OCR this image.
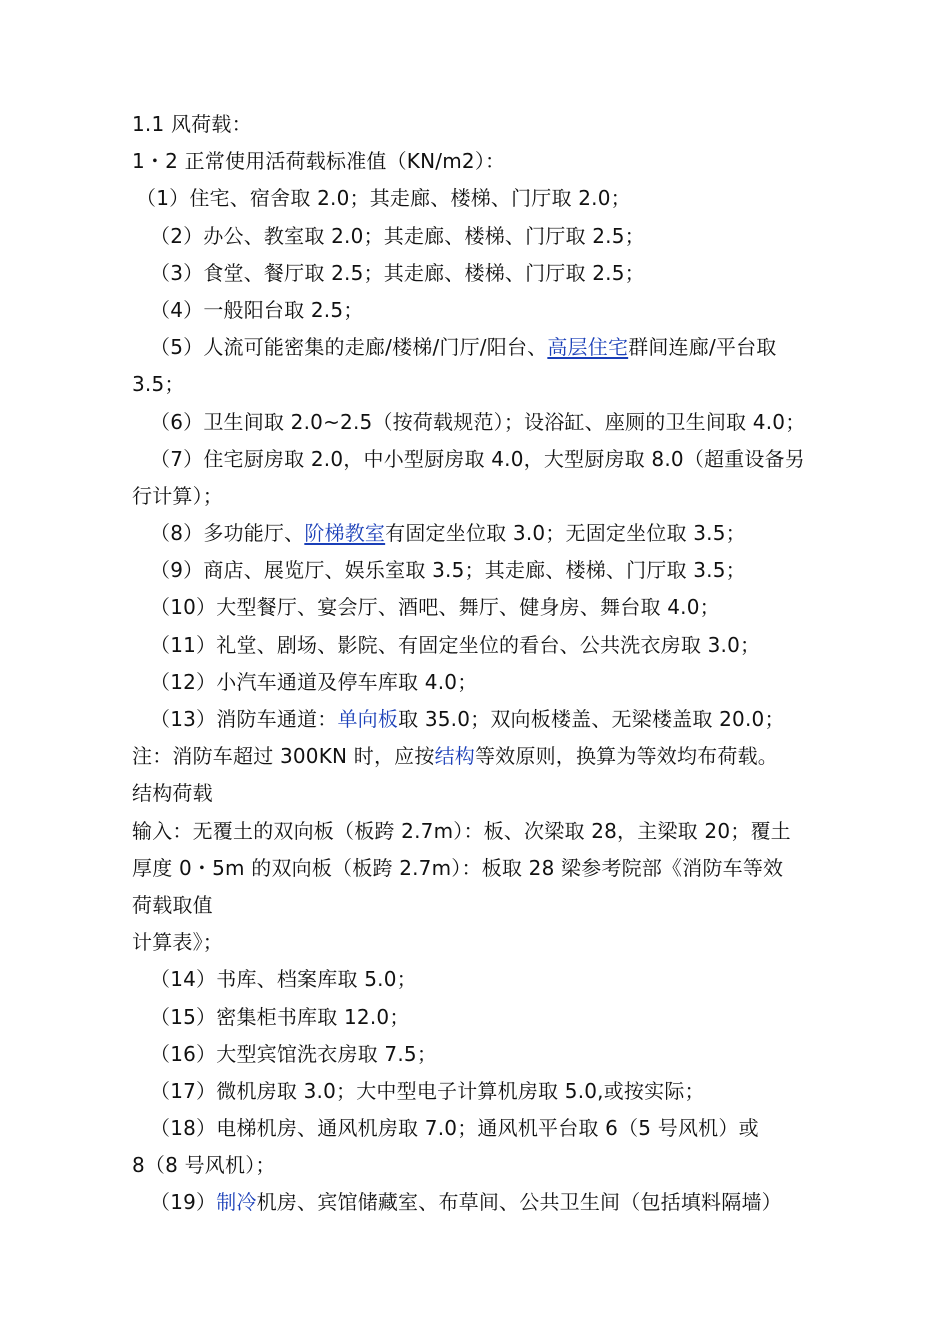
1.1 风荷载：
1・2 正常使用活荷载标准值（KN/m2）：
（1）住宅、宿舍取 2.0；其走廊、楼梯、门厅取 2.0；
（2）办公、教室取 2.0；其走廊、楼梯、门厅取 2.5；
（3）食堂、餐厅取 2.5；其走廊、楼梯、门厅取 2.5；
（4）一般阳台取 2.5；
（5）人流可能密集的走廊/楼梯/门厅/阳台、高层住宅群间连廊/平台取
3.5；
（6）卫生间取 2.0~2.5（按荷载规范）；设浴缸、座厕的卫生间取 4.0；
（7）住宅厨房取 2.0，中小型厨房取 4.0，大型厨房取 8.0（超重设备另
行计算）；
（8）多功能厅、阶梯教室有固定坐位取 3.0；无固定坐位取 3.5；
（9）商店、展览厅、娱乐室取 3.5；其走廊、楼梯、门厅取 3.5；
（10）大型餐厅、宴会厅、酒吧、舞厅、健身房、舞台取 4.0；
（11）礼堂、剧场、影院、有固定坐位的看台、公共洗衣房取 3.0；
（12）小汽车通道及停车库取 4.0；
（13）消防车通道：单向板取 35.0；双向板楼盖、无梁楼盖取 20.0；
注：消防车超过 300KN 时，应按结构等效原则，换算为等效均布荷载。
结构荷载
输入：无覆土的双向板（板跨 2.7m）：板、次梁取 28，主梁取 20；覆土
厚度 0・5m 的双向板（板跨 2.7m）：板取 28 梁参考院部《消防车等效
荷载取值
计算表》；
（14）书库、档案库取 5.0；
（15）密集柜书库取 12.0；
（16）大型宾馆洗衣房取 7.5；
（17）微机房取 3.0；大中型电子计算机房取 5.0,或按实际；
（18）电梯机房、通风机房取 7.0；通风机平台取 6（5 号风机）或
8（8 号风机）；
（19）制冷机房、宾馆储藏室、布草间、公共卫生间（包括填料隔墙）
